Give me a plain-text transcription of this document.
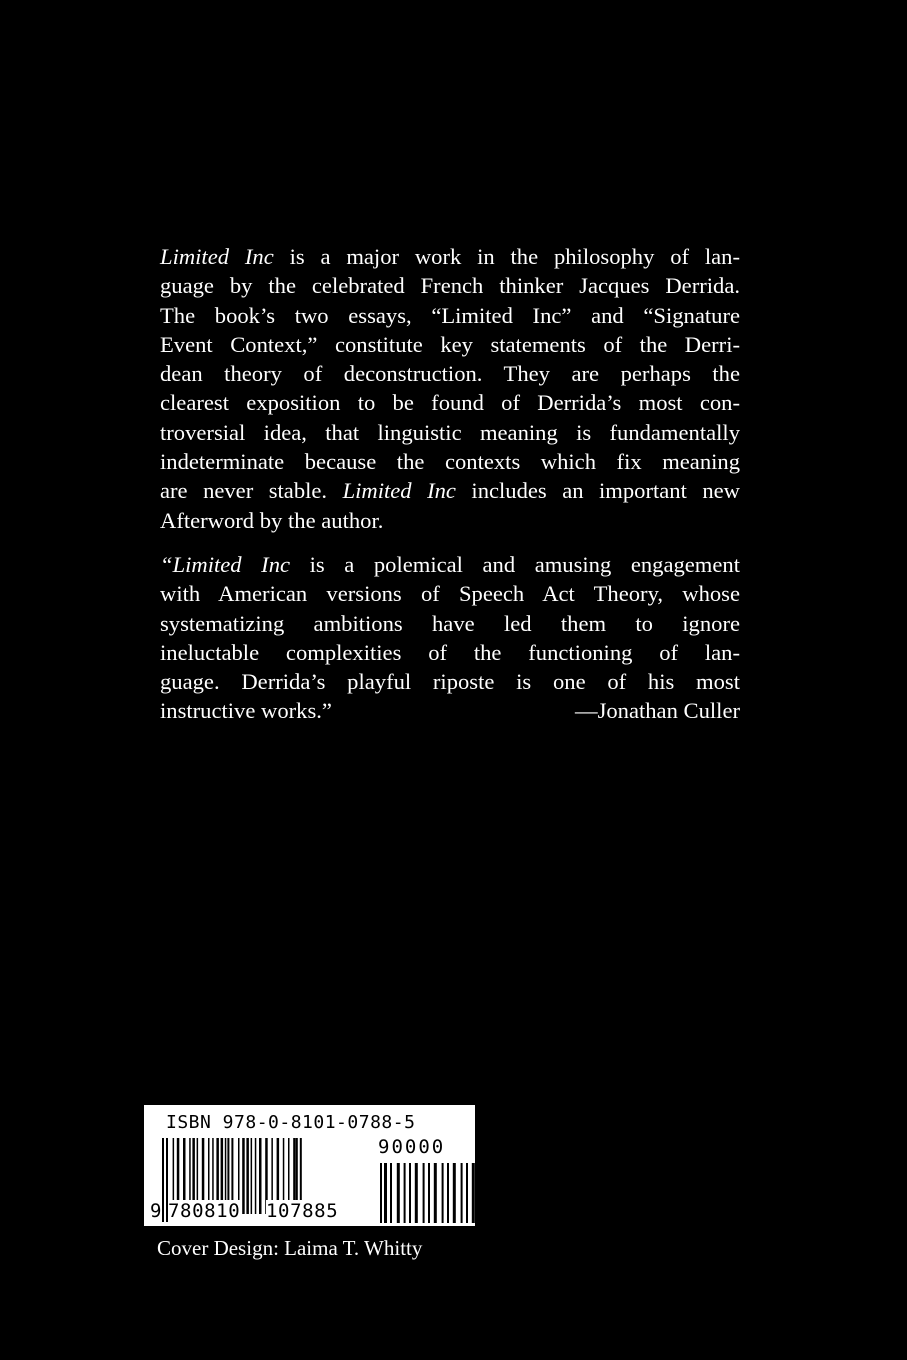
Limited Inc is a major work in the philosophy of lan-
guage by the celebrated French thinker Jacques Derrida.
The book’s two essays, “Limited Inc” and “Signature
Event Context,” constitute key statements of the Derri-
dean theory of deconstruction. They are perhaps the
clearest exposition to be found of Derrida’s most con-
troversial idea, that linguistic meaning is fundamentally
indeterminate because the contexts which fix meaning
are never stable. Limited Inc includes an important new
Afterword by the author.
“Limited Inc is a polemical and amusing engagement
with American versions of Speech Act Theory, whose
systematizing ambitions have led them to ignore
ineluctable complexities of the functioning of lan-
guage. Derrida’s playful riposte is one of his most
instructive works.”	—Jonathan Culler
ISBN 978-0-8101-0788-5
90000
9 780810 107885
Cover Design: Laima T. Whitty
